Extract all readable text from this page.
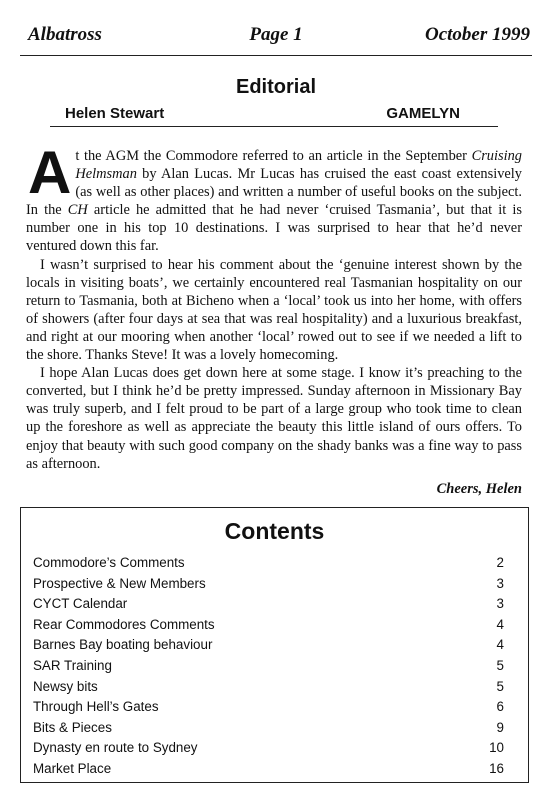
Albatross	Page 1	October 1999
Editorial
Helen Stewart	GAMELYN

At the AGM the Commodore referred to an article in the September Cruising Helmsman by Alan Lucas. Mr Lucas has cruised the east coast extensively (as well as other places) and written a number of useful books on the subject. In the CH article he admitted that he had never ‘cruised Tasmania’, but that it is number one in his top 10 destinations. I was surprised to hear that he’d never ventured down this far.

I wasn’t surprised to hear his comment about the ‘genuine interest shown by the locals in visiting boats’, we certainly encountered real Tasmanian hospitality on our return to Tasmania, both at Bicheno when a ‘local’ took us into her home, with offers of showers (after four days at sea that was real hospitality) and a luxurious breakfast, and right at our mooring when another ‘local’ rowed out to see if we needed a lift to the shore. Thanks Steve! It was a lovely homecoming.

I hope Alan Lucas does get down here at some stage. I know it’s preaching to the converted, but I think he’d be pretty impressed. Sunday afternoon in Missionary Bay was truly superb, and I felt proud to be part of a large group who took time to clean up the foreshore as well as appreciate the beauty this little island of ours offers. To enjoy that beauty with such good company on the shady banks was a fine way to pass as afternoon.

Cheers, Helen
Contents
Commodore’s Comments	2
Prospective & New Members	3
CYCT Calendar	3
Rear Commodores Comments	4
Barnes Bay boating behaviour	4
SAR Training	5
Newsy bits	5
Through Hell’s Gates	6
Bits & Pieces	9
Dynasty en route to Sydney	10
Market Place	16
